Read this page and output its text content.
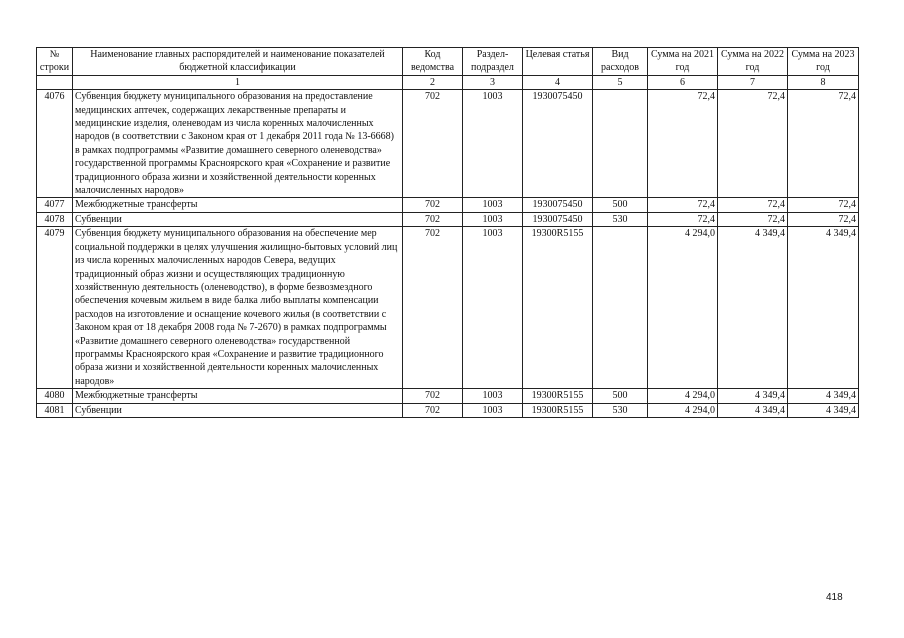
№ строки	Наименование главных распорядителей и наименование показателей бюджетной классификации	Код ведомства	Раздел-подраздел	Целевая статья	Вид расходов	Сумма на 2021 год	Сумма на 2022 год	Сумма на 2023 год
	1	2	3	4	5	6	7	8
4076	Субвенция бюджету муниципального образования на предоставление медицинских аптечек, содержащих лекарственные препараты и медицинские изделия, оленеводам из числа коренных малочисленных народов (в соответствии с Законом края от 1 декабря 2011 года № 13-6668) в рамках подпрограммы «Развитие домашнего северного оленеводства» государственной программы Красноярского края «Сохранение и развитие традиционного образа жизни и хозяйственной деятельности коренных малочисленных народов»	702	1003	1930075450		72,4	72,4	72,4
4077	Межбюджетные трансферты	702	1003	1930075450	500	72,4	72,4	72,4
4078	Субвенции	702	1003	1930075450	530	72,4	72,4	72,4
4079	Субвенция бюджету муниципального образования на обеспечение мер социальной поддержки в целях улучшения жилищно-бытовых условий лиц из числа коренных малочисленных народов Севера, ведущих традиционный образ жизни и осуществляющих традиционную хозяйственную деятельность (оленеводство), в форме безвозмездного обеспечения кочевым жильем в виде балка либо выплаты компенсации расходов на изготовление и оснащение кочевого жилья (в соответствии с Законом края от 18 декабря 2008 года № 7-2670) в рамках подпрограммы «Развитие домашнего северного оленеводства» государственной программы Красноярского края «Сохранение и развитие традиционного образа жизни и хозяйственной деятельности коренных малочисленных народов»	702	1003	19300R5155		4 294,0	4 349,4	4 349,4
4080	Межбюджетные трансферты	702	1003	19300R5155	500	4 294,0	4 349,4	4 349,4
4081	Субвенции	702	1003	19300R5155	530	4 294,0	4 349,4	4 349,4
418
